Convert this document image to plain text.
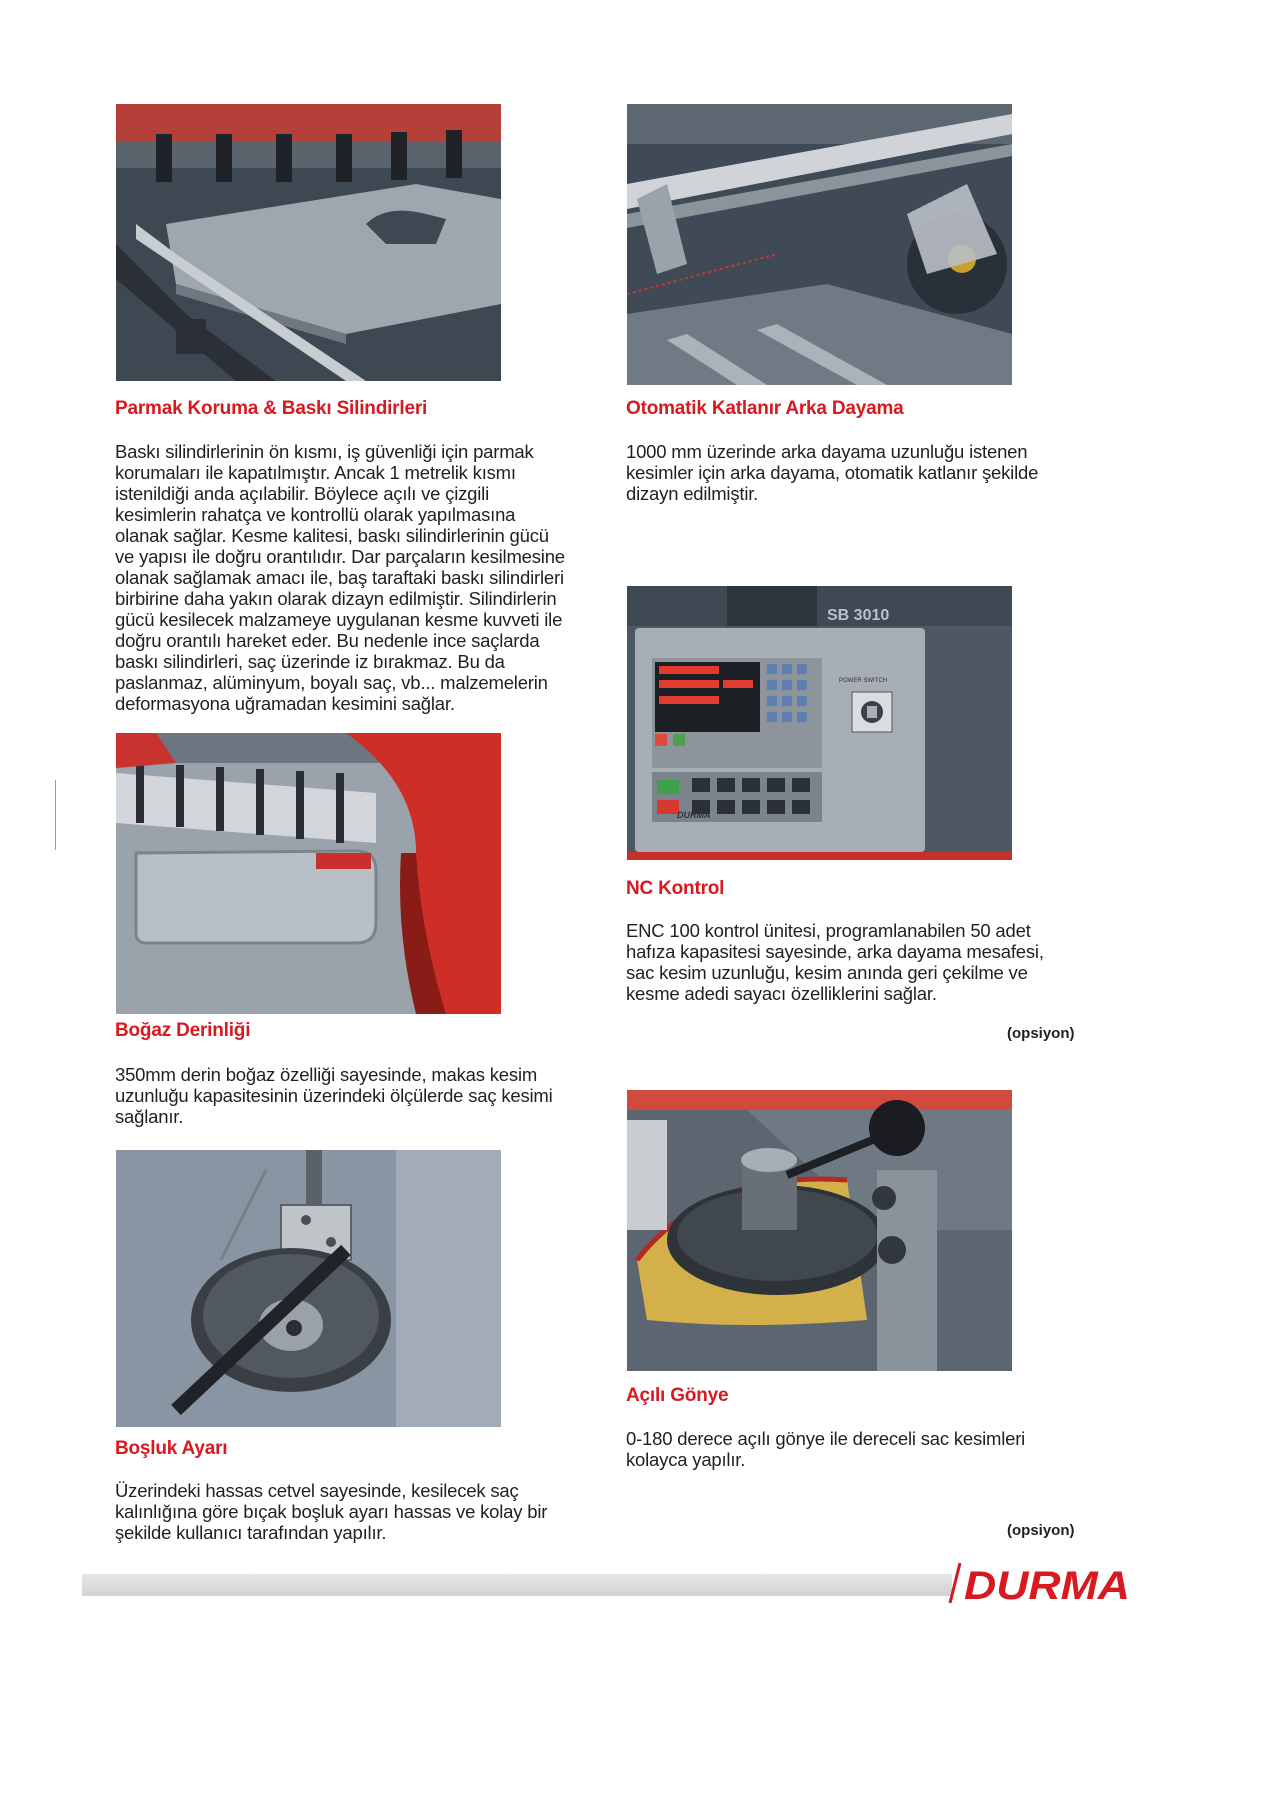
SB 3010
POWER SWITCH
DURMA
Parmak Koruma & Baskı Silindirleri
Baskı silindirlerinin ön kısmı, iş güvenliği için parmak
korumaları ile kapatılmıştır. Ancak 1 metrelik kısmı
istenildiği anda açılabilir. Böylece açılı ve çizgili
kesimlerin rahatça ve kontrollü olarak yapılmasına
olanak sağlar. Kesme kalitesi, baskı silindirlerinin gücü
ve yapısı ile doğru orantılıdır. Dar parçaların kesilmesine
olanak sağlamak amacı ile, baş taraftaki baskı silindirleri
birbirine daha yakın olarak dizayn edilmiştir. Silindirlerin
gücü kesilecek malzameye uygulanan kesme kuvveti ile
doğru orantılı hareket eder. Bu nedenle ince saçlarda
baskı silindirleri, saç üzerinde iz bırakmaz. Bu da
paslanmaz, alüminyum, boyalı saç, vb... malzemelerin
deformasyona uğramadan kesimini sağlar.
Otomatik Katlanır Arka Dayama
1000 mm üzerinde arka dayama uzunluğu istenen
kesimler için arka dayama, otomatik katlanır şekilde
dizayn edilmiştir.
NC Kontrol
ENC 100 kontrol ünitesi, programlanabilen 50 adet
hafıza kapasitesi sayesinde, arka dayama mesafesi,
sac kesim uzunluğu, kesim anında geri çekilme ve
kesme adedi sayacı özelliklerini sağlar.

(opsiyon)

Boğaz Derinliği
350mm derin boğaz özelliği sayesinde, makas kesim
uzunluğu kapasitesinin üzerindeki ölçülerde saç kesimi
sağlanır.
Açılı Gönye
0-180 derece açılı gönye ile dereceli sac kesimleri
kolayca yapılır.

(opsiyon)

Boşluk Ayarı
Üzerindeki hassas cetvel sayesinde, kesilecek saç
kalınlığına göre bıçak boşluk ayarı hassas ve kolay bir
şekilde kullanıcı tarafından yapılır.
DURMA
